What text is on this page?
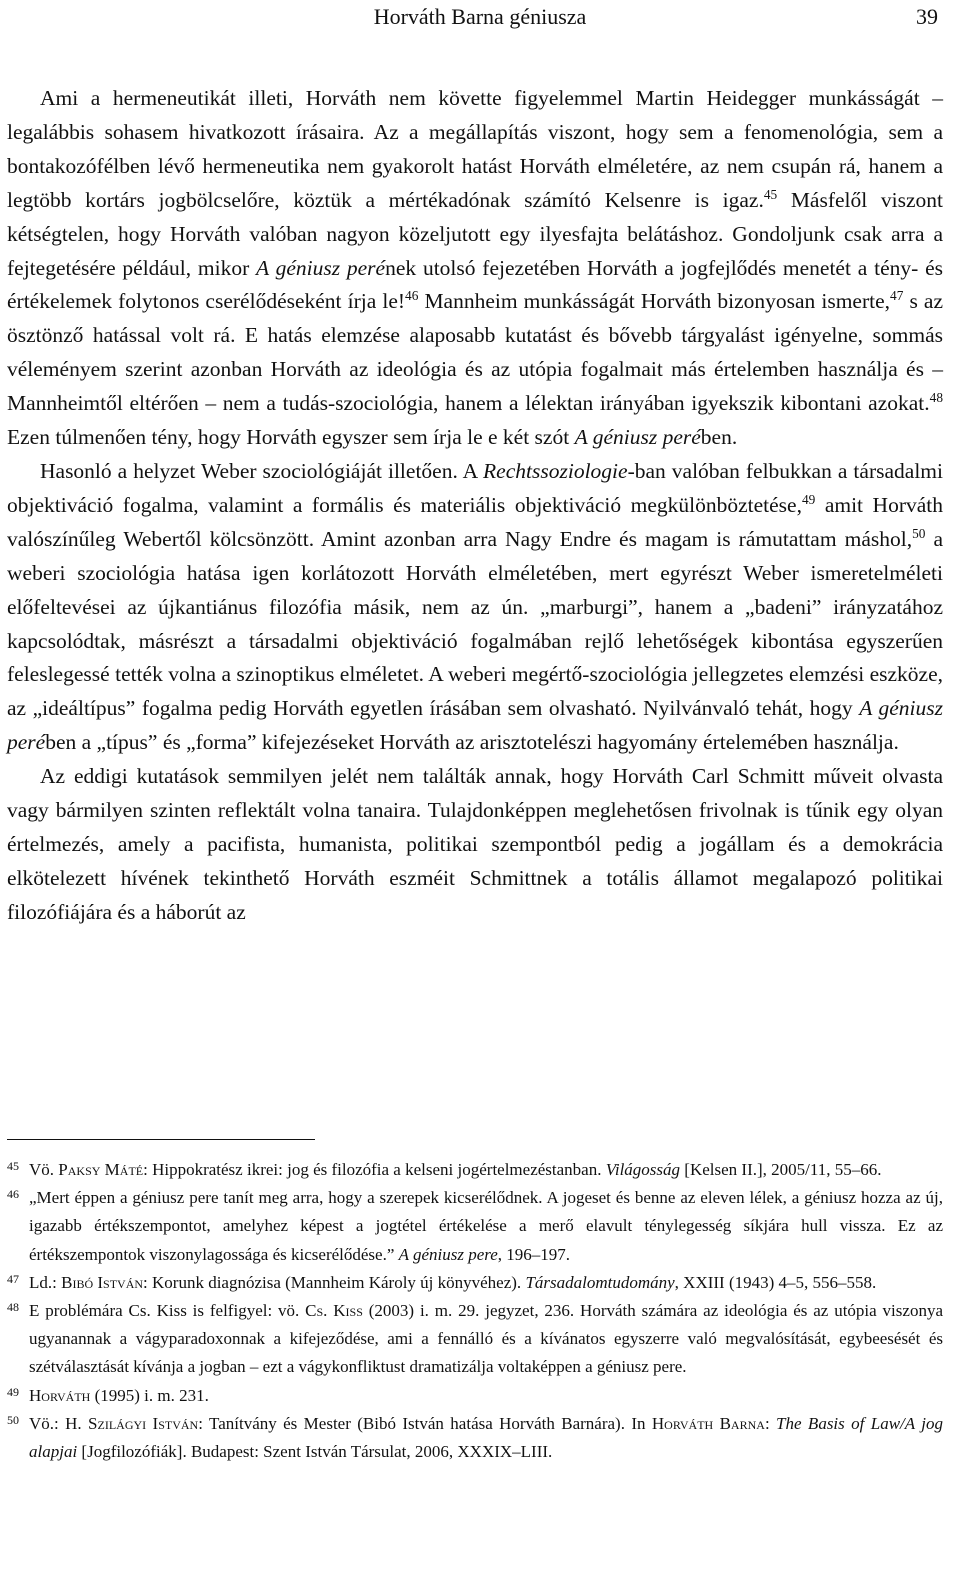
Horváth Barna géniusza	39

Ami a hermeneutikát illeti, Horváth nem követte figyelemmel Martin Heidegger munkásságát – legalábbis sohasem hivatkozott írásaira. Az a megállapítás viszont, hogy sem a fenomenológia, sem a bontakozófélben lévő hermeneutika nem gyakorolt hatást Horváth elméletére, az nem csupán rá, hanem a legtöbb kortárs jogbölcselőre, köztük a mértékadónak számító Kelsenre is igaz.$^{45}$ Másfelől viszont kétségtelen, hogy Horváth valóban nagyon közeljutott egy ilyesfajta belátáshoz. Gondoljunk csak arra a fejtegetésére például, mikor A géniusz perének utolsó fejezetében Horváth a jogfejlődés menetét a tény- és értékelemek folytonos cserélődéseként írja le!$^{46}$ Mannheim munkásságát Horváth bizonyosan ismerte,$^{47}$ s az ösztönző hatással volt rá. E hatás elemzése alaposabb kutatást és bővebb tárgyalást igényelne, sommás véleményem szerint azonban Horváth az ideológia és az utópia fogalmait más értelemben használja és –Mannheimtől eltérően – nem a tudás-szociológia, hanem a lélektan irányában igyekszik kibontani azokat.$^{48}$ Ezen túlmenően tény, hogy Horváth egyszer sem írja le e két szót A géniusz perében.

Hasonló a helyzet Weber szociológiáját illetően. A Rechtssoziologie-ban valóban felbukkan a társadalmi objektiváció fogalma, valamint a formális és materiális objektiváció megkülönböztetése,$^{49}$ amit Horváth valószínűleg Webertől kölcsönzött. Amint azonban arra Nagy Endre és magam is rámutattam máshol,$^{50}$ a weberi szociológia hatása igen korlátozott Horváth elméletében, mert egyrészt Weber ismeretelméleti előfeltevései az újkantiánus filozófia másik, nem az ún. „marburgi”, hanem a „badeni” irányzatához kapcsolódtak, másrészt a társadalmi objektiváció fogalmában rejlő lehetőségek kibontása egyszerűen feleslegessé tették volna a szinoptikus elméletet. A weberi megértő-szociológia jellegzetes elemzési eszköze, az „ideáltípus” fogalma pedig Horváth egyetlen írásában sem olvasható. Nyilvánvaló tehát, hogy A géniusz perében a „típus” és „forma” kifejezéseket Horváth az arisztotelészi hagyomány értelemében használja.

Az eddigi kutatások semmilyen jelét nem találták annak, hogy Horváth Carl Schmitt műveit olvasta vagy bármilyen szinten reflektált volna tanaira. Tulajdonképpen meglehetősen frivolnak is tűnik egy olyan értelmezés, amely a pacifista, humanista, politikai szempontból pedig a jogállam és a demokrácia elkötelezett hívének tekinthető Horváth eszméit Schmittnek a totális államot megalapozó politikai filozófiájára és a háborút az

45 Vö. Paksy Máté: Hippokratész ikrei: jog és filozófia a kelseni jogértelmezéstanban. Világosság [Kelsen II.], 2005/11, 55–66.
46 „Mert éppen a géniusz pere tanít meg arra, hogy a szerepek kicserélődnek. A jogeset és benne az eleven lélek, a géniusz hozza az új, igazabb értékszempontot, amelyhez képest a jogtétel értékelése a merő elavult ténylegesség síkjára hull vissza. Ez az értékszempontok viszonylagossága és kicserélődése.” A géniusz pere, 196–197.
47 Ld.: Bibó István: Korunk diagnózisa (Mannheim Károly új könyvéhez). Társadalomtudomány, XXIII (1943) 4–5, 556–558.
48 E problémára Cs. Kiss is felfigyel: vö. Cs. Kiss (2003) i. m. 29. jegyzet, 236. Horváth számára az ideológia és az utópia viszonya ugyanannak a vágyparadoxonnak a kifejeződése, ami a fennálló és a kívánatos egyszerre való megvalósítását, egybeesését és szétválasztását kívánja a jogban – ezt a vágykonfliktust dramatizálja voltaképpen a géniusz pere.
49 Horváth (1995) i. m. 231.
50 Vö.: H. Szilágyi István: Tanítvány és Mester (Bibó István hatása Horváth Barnára). In Horváth Barna: The Basis of Law/A jog alapjai [Jogfilozófiák]. Budapest: Szent István Társulat, 2006, XXXIX–LIII.
